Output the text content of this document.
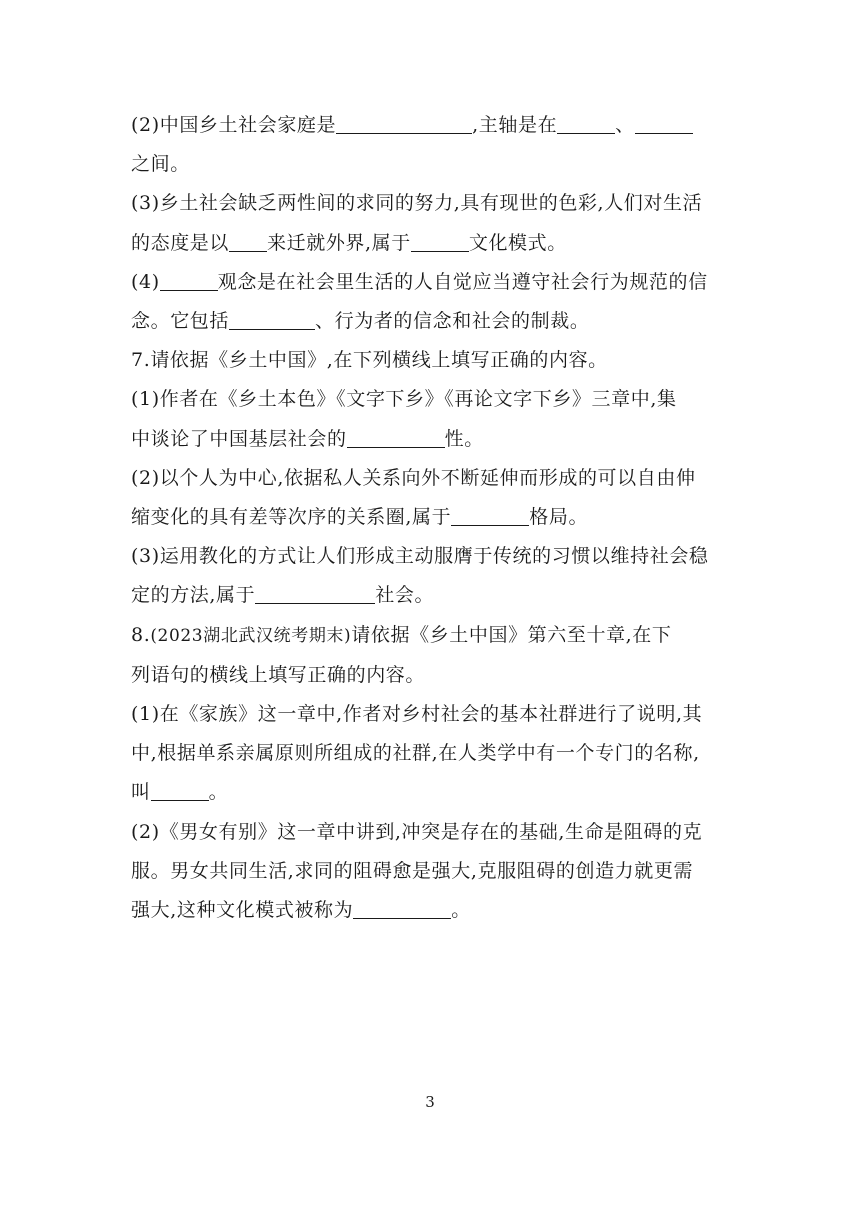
(2)中国乡土社会家庭是	,主轴是在	、
之间。
(3)乡土社会缺乏两性间的求同的努力,具有现世的色彩,人们对生活
的态度是以 来迁就外界,属于	文化模式。
(4)	观念是在社会里生活的人自觉应当遵守社会行为规范的信
念。它包括	、行为者的信念和社会的制裁。
7.请依据《乡土中国》,在下列横线上填写正确的内容。
(1)作者在《乡土本色》《文字下乡》《再论文字下乡》三章中,集
中谈论了中国基层社会的	性。
(2)以个人为中心,依据私人关系向外不断延伸而形成的可以自由伸
缩变化的具有差等次序的关系圈,属于	格局。
(3)运用教化的方式让人们形成主动服膺于传统的习惯以维持社会稳
定的方法,属于	社会。
8.(2023湖北武汉统考期末)请依据《乡土中国》第六至十章,在下
列语句的横线上填写正确的内容。
(1)在《家族》这一章中,作者对乡村社会的基本社群进行了说明,其
中,根据单系亲属原则所组成的社群,在人类学中有一个专门的名称,
叫	。
(2)《男女有别》这一章中讲到,冲突是存在的基础,生命是阻碍的克
服。男女共同生活,求同的阻碍愈是强大,克服阻碍的创造力就更需
强大,这种文化模式被称为	。
3
